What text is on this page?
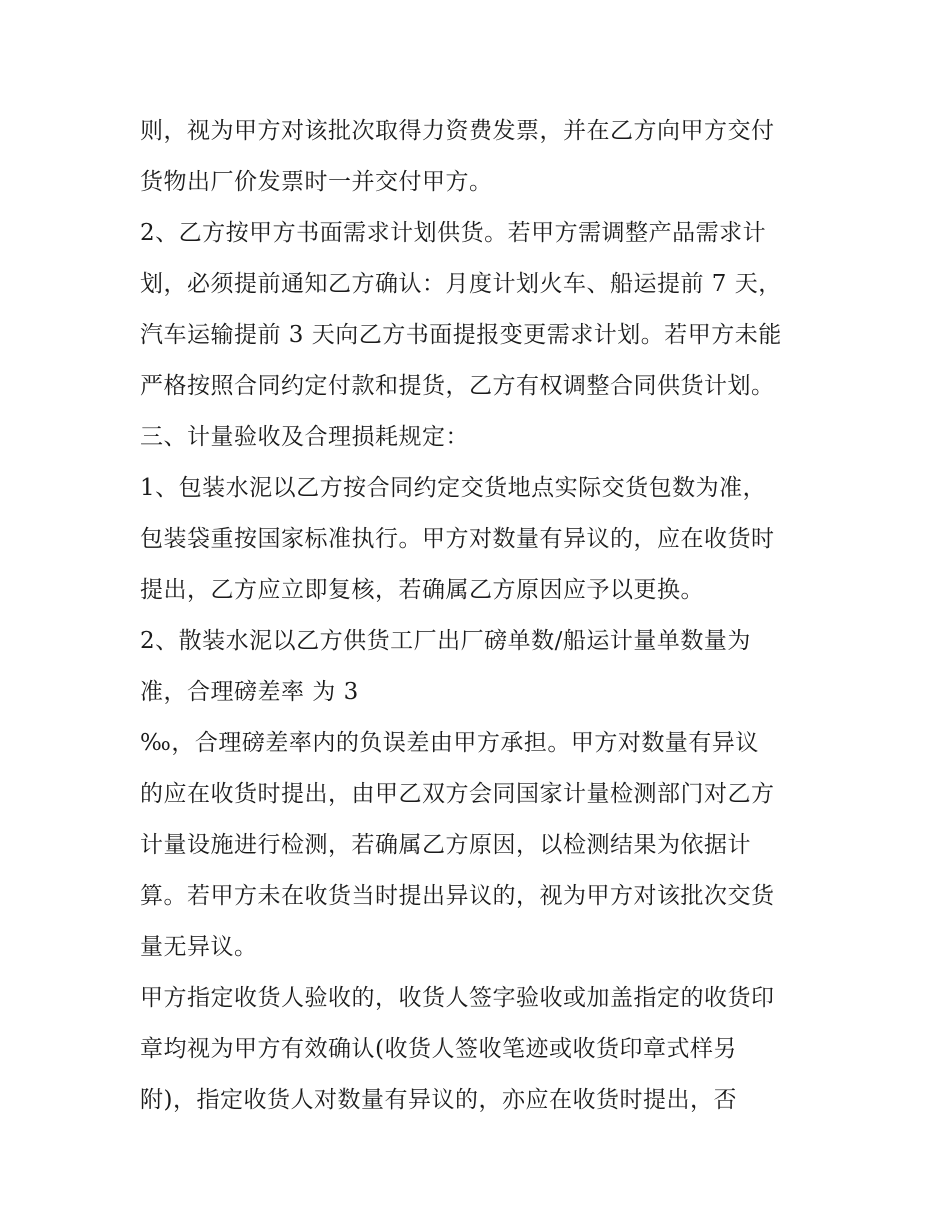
则，视为甲方对该批次取得力资费发票，并在乙方向甲方交付
货物出厂价发票时一并交付甲方。
2、乙方按甲方书面需求计划供货。若甲方需调整产品需求计
划，必须提前通知乙方确认：月度计划火车、船运提前 7 天，
汽车运输提前 3 天向乙方书面提报变更需求计划。若甲方未能
严格按照合同约定付款和提货，乙方有权调整合同供货计划。
三、计量验收及合理损耗规定：
1、包装水泥以乙方按合同约定交货地点实际交货包数为准，
包装袋重按国家标准执行。甲方对数量有异议的，应在收货时
提出，乙方应立即复核，若确属乙方原因应予以更换。
2、散装水泥以乙方供货工厂出厂磅单数/船运计量单数量为
准，合理磅差率 为 3
‰，合理磅差率内的负误差由甲方承担。甲方对数量有异议
的应在收货时提出，由甲乙双方会同国家计量检测部门对乙方
计量设施进行检测，若确属乙方原因，以检测结果为依据计
算。若甲方未在收货当时提出异议的，视为甲方对该批次交货
量无异议。
甲方指定收货人验收的，收货人签字验收或加盖指定的收货印
章均视为甲方有效确认(收货人签收笔迹或收货印章式样另
附)，指定收货人对数量有异议的，亦应在收货时提出，否
